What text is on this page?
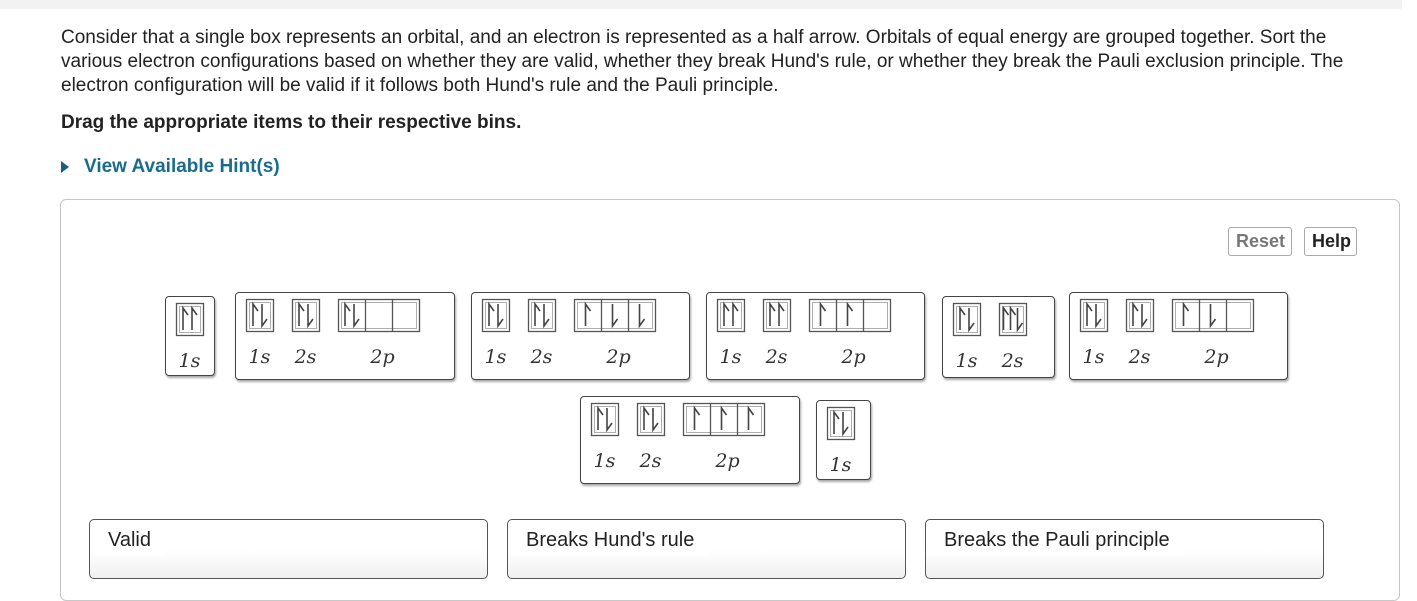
Consider that a single box represents an orbital, and an electron is represented as a half arrow. Orbitals of equal energy are grouped together. Sort the various electron configurations based on whether they are valid, whether they break Hund's rule, or whether they break the Pauli exclusion principle. The electron configuration will be valid if it follows both Hund's rule and the Pauli principle.

Drag the appropriate items to their respective bins.

View Available Hint(s)
Reset	Help
1s	1s 2s	2p	1s 2s	2p	1s 2s	2p	1s 2s	1s 2s	2p
1s 2s	2p	1s
Valid	Breaks Hund's rule	Breaks the Pauli principle
